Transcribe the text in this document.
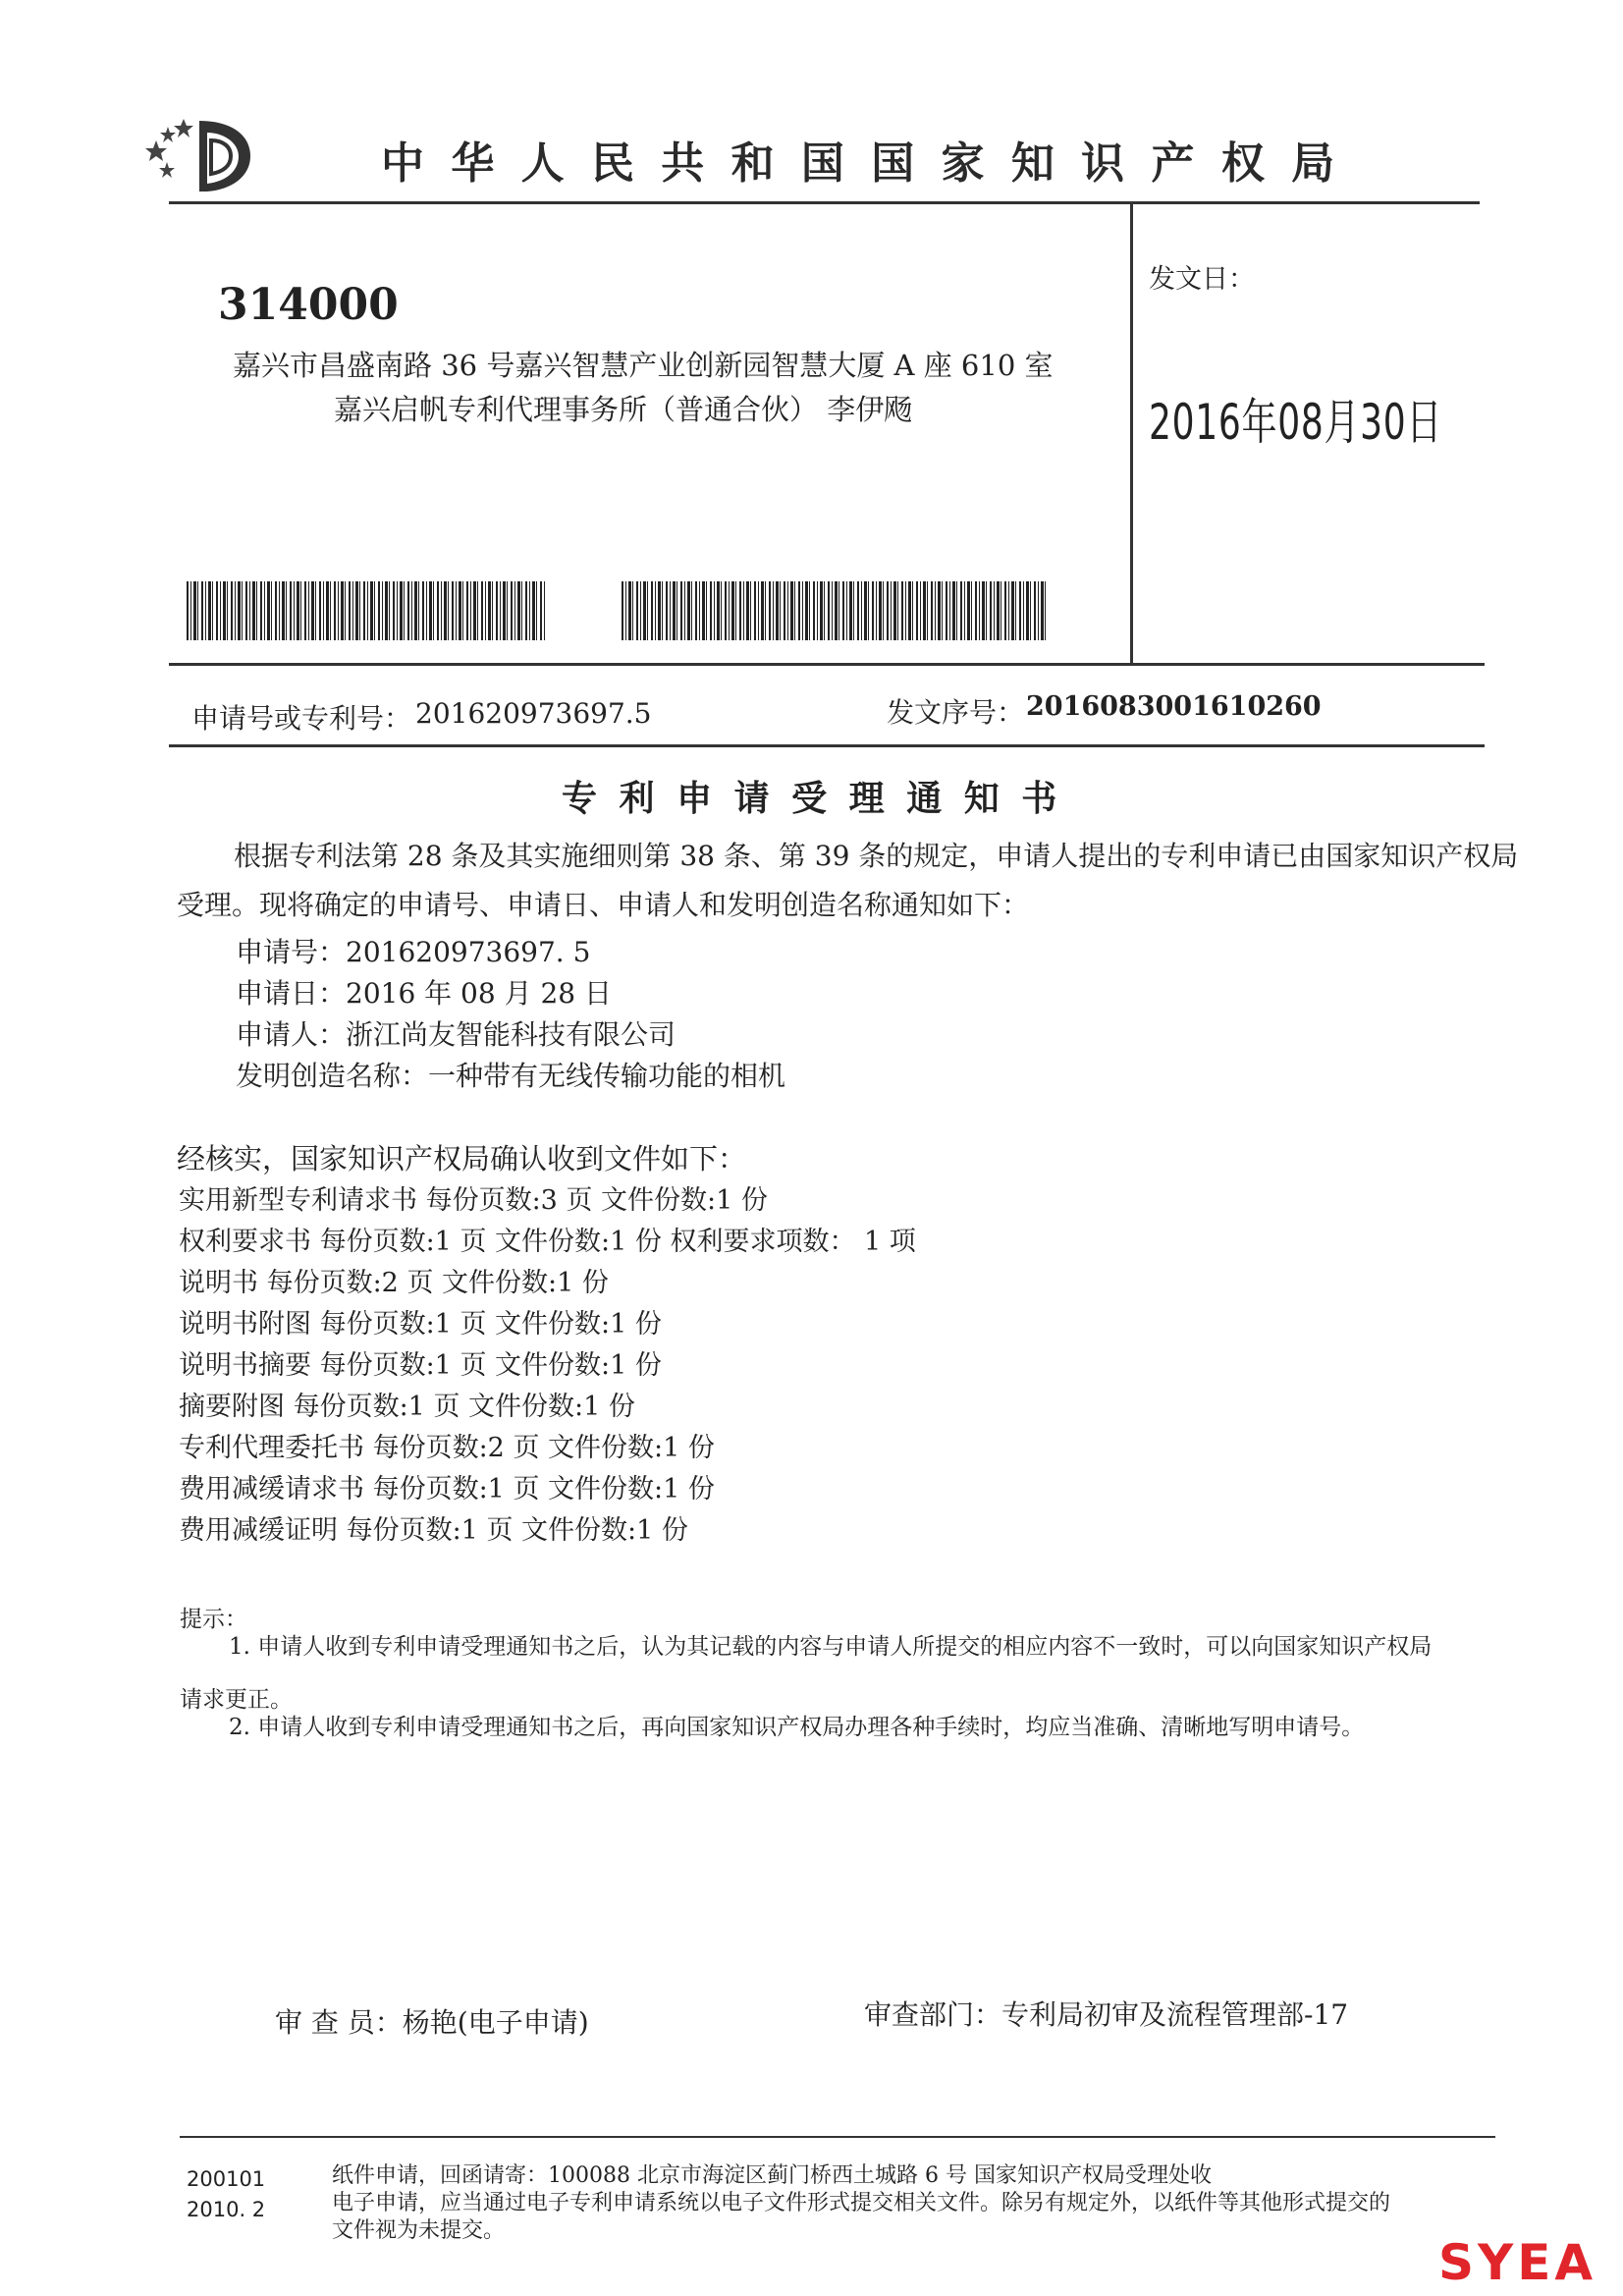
中 华 人 民 共 和 国 国 家 知 识 产 权 局
314000
嘉兴市昌盛南路 36 号嘉兴智慧产业创新园智慧大厦 A 座 610 室
嘉兴启帆专利代理事务所（普通合伙） 李伊飏
发文日：
2016年08月30日
申请号或专利号： 201620973697.5	发文序号： 2016083001610260
专 利 申 请 受 理 通 知 书
根据专利法第 28 条及其实施细则第 38 条、第 39 条的规定，申请人提出的专利申请已由国家知识产权局
受理。现将确定的申请号、申请日、申请人和发明创造名称通知如下：
申请号：201620973697. 5
申请日：2016 年 08 月 28 日
申请人：浙江尚友智能科技有限公司
发明创造名称：一种带有无线传输功能的相机
经核实，国家知识产权局确认收到文件如下：
实用新型专利请求书 每份页数:3 页 文件份数:1 份
权利要求书 每份页数:1 页 文件份数:1 份 权利要求项数： 1 项
说明书 每份页数:2 页 文件份数:1 份
说明书附图 每份页数:1 页 文件份数:1 份
说明书摘要 每份页数:1 页 文件份数:1 份
摘要附图 每份页数:1 页 文件份数:1 份
专利代理委托书 每份页数:2 页 文件份数:1 份
费用减缓请求书 每份页数:1 页 文件份数:1 份
费用减缓证明 每份页数:1 页 文件份数:1 份
提示：
1. 申请人收到专利申请受理通知书之后，认为其记载的内容与申请人所提交的相应内容不一致时，可以向国家知识产权局
请求更正。
2. 申请人收到专利申请受理通知书之后，再向国家知识产权局办理各种手续时，均应当准确、清晰地写明申请号。
审 查 员：杨艳(电子申请)	审查部门：专利局初审及流程管理部-17
200101
2010. 2
纸件申请，回函请寄：100088 北京市海淀区蓟门桥西土城路 6 号 国家知识产权局受理处收
电子申请，应当通过电子专利申请系统以电子文件形式提交相关文件。除另有规定外，以纸件等其他形式提交的
文件视为未提交。
SYEA
